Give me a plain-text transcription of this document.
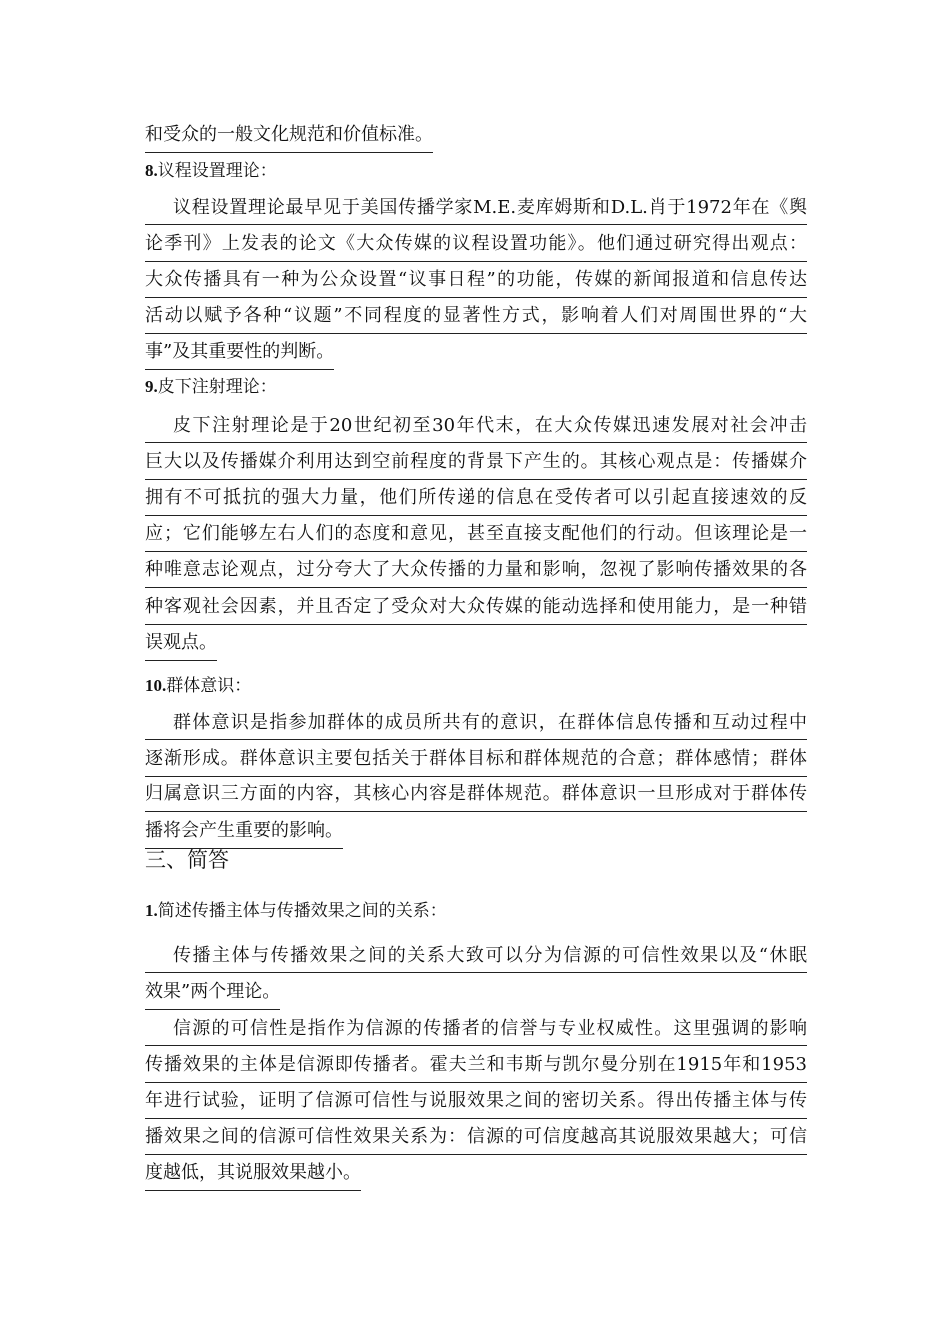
和受众的一般文化规范和价值标准。
8.议程设置理论：
议程设置理论最早见于美国传播学家M.E.麦库姆斯和D.L.肖于1972年在《舆
论季刊》上发表的论文《大众传媒的议程设置功能》。他们通过研究得出观点：
大众传播具有一种为公众设置“议事日程”的功能，传媒的新闻报道和信息传达
活动以赋予各种“议题”不同程度的显著性方式，影响着人们对周围世界的“大
事”及其重要性的判断。
9.皮下注射理论：
皮下注射理论是于20世纪初至30年代末，在大众传媒迅速发展对社会冲击
巨大以及传播媒介利用达到空前程度的背景下产生的。其核心观点是：传播媒介
拥有不可抵抗的强大力量，他们所传递的信息在受传者可以引起直接速效的反
应；它们能够左右人们的态度和意见，甚至直接支配他们的行动。但该理论是一
种唯意志论观点，过分夸大了大众传播的力量和影响，忽视了影响传播效果的各
种客观社会因素，并且否定了受众对大众传媒的能动选择和使用能力，是一种错
误观点。
10.群体意识：
群体意识是指参加群体的成员所共有的意识，在群体信息传播和互动过程中
逐渐形成。群体意识主要包括关于群体目标和群体规范的合意；群体感情；群体
归属意识三方面的内容，其核心内容是群体规范。群体意识一旦形成对于群体传
播将会产生重要的影响。
三、简答
1.简述传播主体与传播效果之间的关系：
传播主体与传播效果之间的关系大致可以分为信源的可信性效果以及“休眠
效果”两个理论。
信源的可信性是指作为信源的传播者的信誉与专业权威性。这里强调的影响
传播效果的主体是信源即传播者。霍夫兰和韦斯与凯尔曼分别在1915年和1953
年进行试验，证明了信源可信性与说服效果之间的密切关系。得出传播主体与传
播效果之间的信源可信性效果关系为：信源的可信度越高其说服效果越大；可信
度越低，其说服效果越小。
